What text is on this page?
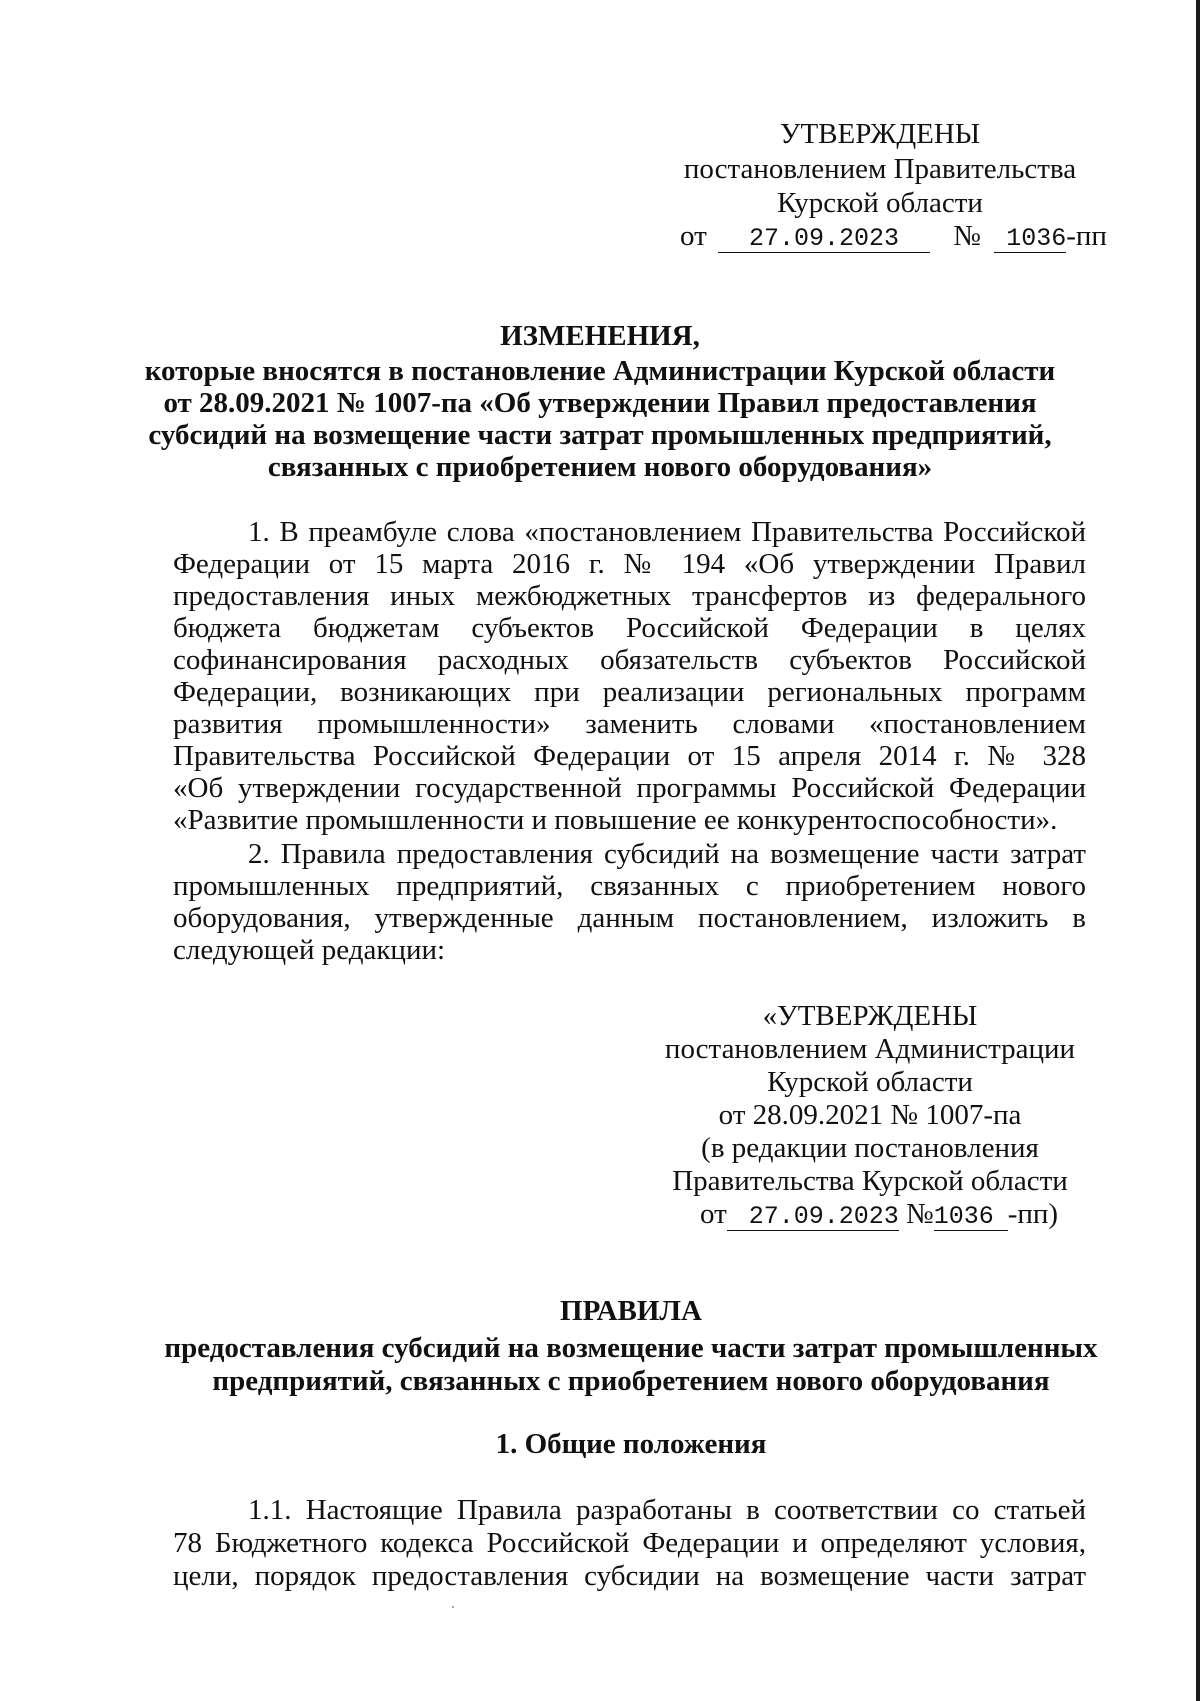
УТВЕРЖДЕНЫ
постановлением Правительства
Курской области
от 27.09.2023 № 1036-пп
ИЗМЕНЕНИЯ,
которые вносятся в постановление Администрации Курской области
от 28.09.2021 № 1007-па «Об утверждении Правил предоставления
субсидий на возмещение части затрат промышленных предприятий,
связанных с приобретением нового оборудования»
1. В преамбуле слова «постановлением Правительства Российской
Федерации от 15 марта 2016 г. № 194 «Об утверждении Правил
предоставления иных межбюджетных трансфертов из федерального
бюджета бюджетам субъектов Российской Федерации в целях
софинансирования расходных обязательств субъектов Российской
Федерации, возникающих при реализации региональных программ
развития промышленности» заменить словами «постановлением
Правительства Российской Федерации от 15 апреля 2014 г. № 328
«Об утверждении государственной программы Российской Федерации
«Развитие промышленности и повышение ее конкурентоспособности».
2. Правила предоставления субсидий на возмещение части затрат
промышленных предприятий, связанных с приобретением нового
оборудования, утвержденные данным постановлением, изложить в
следующей редакции:
«УТВЕРЖДЕНЫ
постановлением Администрации
Курской области
от 28.09.2021 № 1007-па
(в редакции постановления
Правительства Курской области
от 27.09.2023 №1036 -пп)
ПРАВИЛА
предоставления субсидий на возмещение части затрат промышленных
предприятий, связанных с приобретением нового оборудования
1. Общие положения
1.1. Настоящие Правила разработаны в соответствии со статьей
78 Бюджетного кодекса Российской Федерации и определяют условия,
цели, порядок предоставления субсидии на возмещение части затрат
